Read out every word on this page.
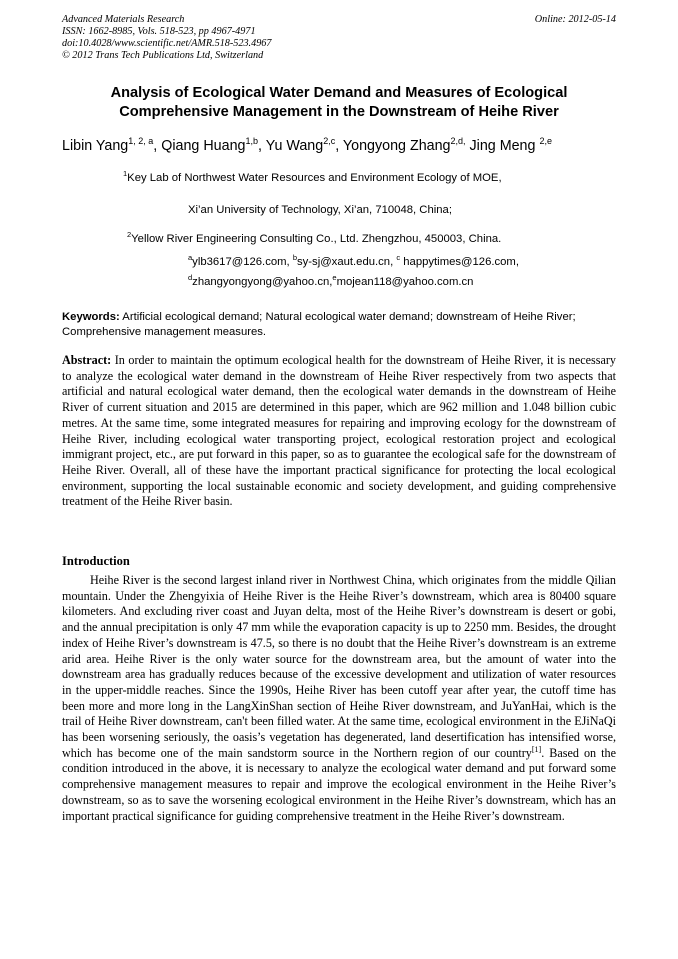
Advanced Materials Research
ISSN: 1662-8985, Vols. 518-523, pp 4967-4971
doi:10.4028/www.scientific.net/AMR.518-523.4967
© 2012 Trans Tech Publications Ltd, Switzerland
Online: 2012-05-14
Analysis of Ecological Water Demand and Measures of Ecological
Comprehensive Management in the Downstream of Heihe River
Libin Yang$^{1, 2, a}$, Qiang Huang$^{1,b}$, Yu Wang$^{2,c}$, Yongyong Zhang$^{2,d,}$ Jing Meng $^{2,e}$
$^1$Key Lab of Northwest Water Resources and Environment Ecology of MOE,
Xi’an University of Technology, Xi’an, 710048, China;
$^2$Yellow River Engineering Consulting Co., Ltd. Zhengzhou, 450003, China.
$^a$ylb3617@126.com, $^b$sy-sj@xaut.edu.cn, $^c$ happytimes@126.com,
$^d$zhangyongyong@yahoo.cn,$^e$mojean118@yahoo.com.cn
Keywords: Artificial ecological demand; Natural ecological water demand; downstream of Heihe River; Comprehensive management measures.
Abstract: In order to maintain the optimum ecological health for the downstream of Heihe River, it is necessary to analyze the ecological water demand in the downstream of Heihe River respectively from two aspects that artificial and natural ecological water demand, then the ecological water demands in the downstream of Heihe River of current situation and 2015 are determined in this paper, which are 962 million and 1.048 billion cubic metres. At the same time, some integrated measures for repairing and improving ecology for the downstream of Heihe River, including ecological water transporting project, ecological restoration project and ecological immigrant project, etc., are put forward in this paper, so as to guarantee the ecological safe for the downstream of Heihe River. Overall, all of these have the important practical significance for protecting the local ecological environment, supporting the local sustainable economic and society development, and guiding comprehensive treatment of the Heihe River basin.
Introduction
Heihe River is the second largest inland river in Northwest China, which originates from the middle Qilian mountain. Under the Zhengyixia of Heihe River is the Heihe River’s downstream, which area is 80400 square kilometers. And excluding river coast and Juyan delta, most of the Heihe River’s downstream is desert or gobi, and the annual precipitation is only 47 mm while the evaporation capacity is up to 2250 mm. Besides, the drought index of Heihe River’s downstream is 47.5, so there is no doubt that the Heihe River’s downstream is an extreme arid area. Heihe River is the only water source for the downstream area, but the amount of water into the downstream area has gradually reduces because of the excessive development and utilization of water resources in the upper-middle reaches. Since the 1990s, Heihe River has been cutoff year after year, the cutoff time has been more and more long in the LangXinShan section of Heihe River downstream, and JuYanHai, which is the trail of Heihe River downstream, can't been filled water. At the same time, ecological environment in the EJiNaQi has been worsening seriously, the oasis’s vegetation has degenerated, land desertification has intensified worse, which has become one of the main sandstorm source in the Northern region of our country[1]. Based on the condition introduced in the above, it is necessary to analyze the ecological water demand and put forward some comprehensive management measures to repair and improve the ecological environment in the Heihe River’s downstream, so as to save the worsening ecological environment in the Heihe River’s downstream, which has an important practical significance for guiding comprehensive treatment in the Heihe River’s downstream.
